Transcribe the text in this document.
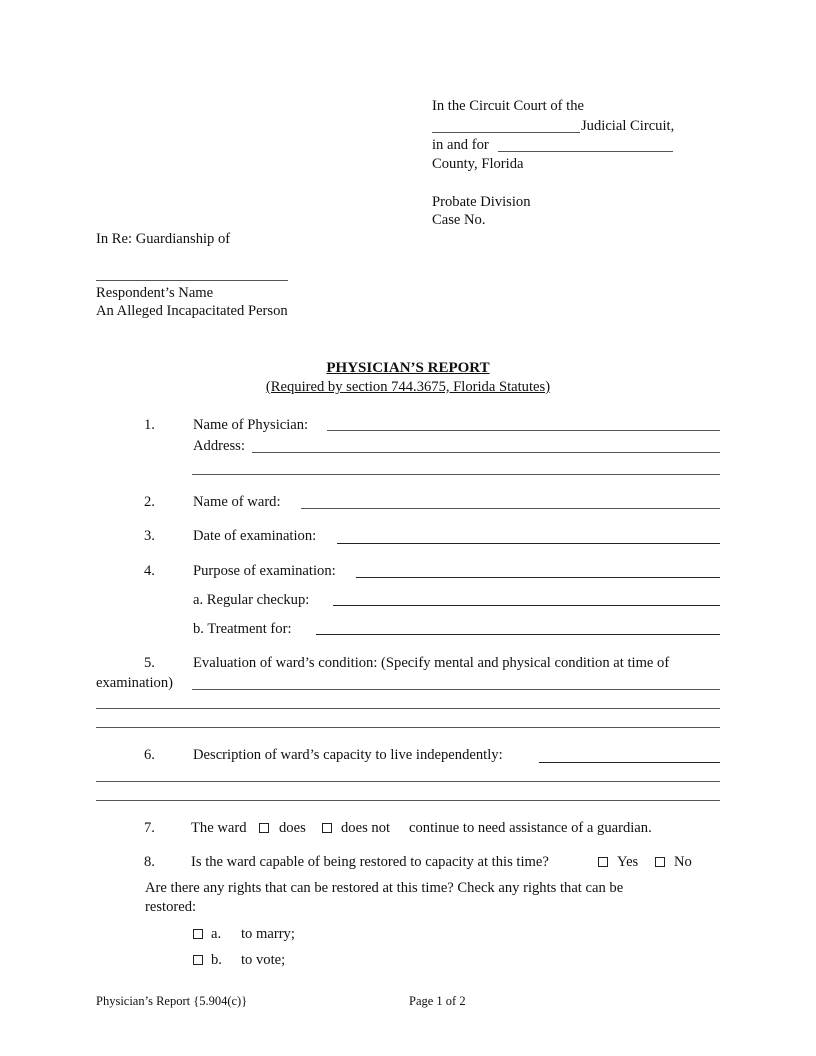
In the Circuit Court of the
Judicial Circuit,
in and for
County, Florida
Probate Division
Case No.
In Re: Guardianship of
Respondent’s Name
An Alleged Incapacitated Person
PHYSICIAN’S REPORT
(Required by section 744.3675, Florida Statutes)
1.	Name of Physician:
Address:
2.	Name of ward:
3.	Date of examination:
4.	Purpose of examination:
a. Regular checkup:
b. Treatment for:
5.	Evaluation of ward’s condition: (Specify mental and physical condition at time of
examination)
6.	Description of ward’s capacity to live independently:
7. The ward does does not continue to need assistance of a guardian.
8. Is the ward capable of being restored to capacity at this time?	Yes No
Are there any rights that can be restored at this time? Check any rights that can be
restored:
a. to marry;
b. to vote;
Physician’s Report {5.904(c)}	Page 1 of 2
